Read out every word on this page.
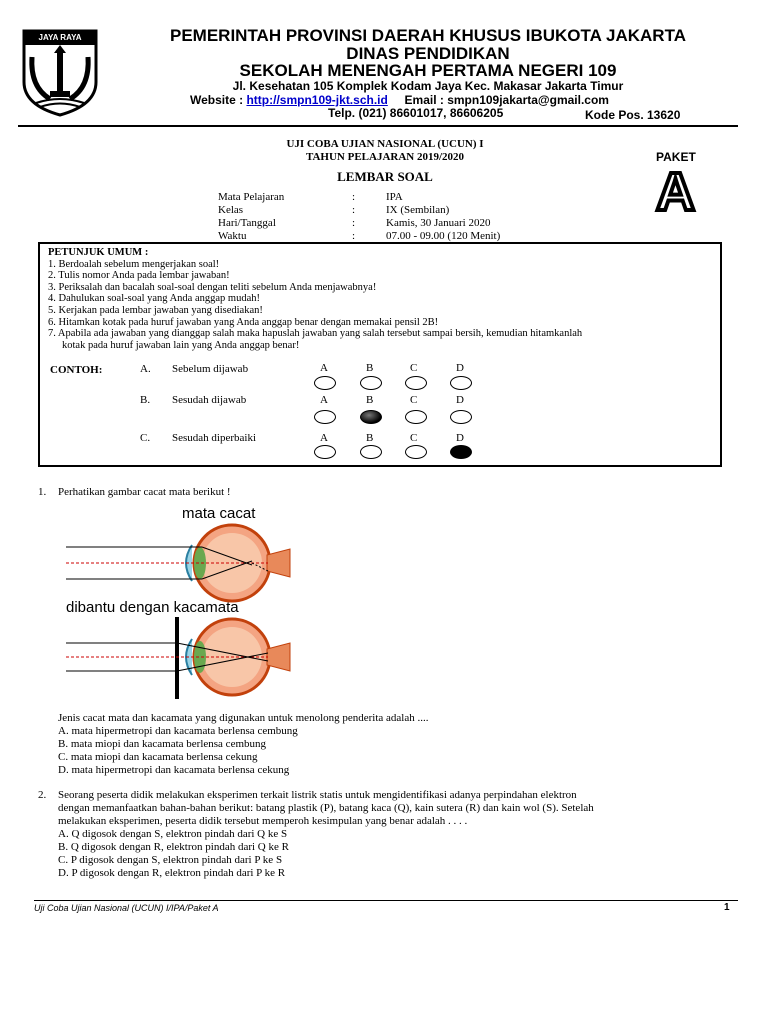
JAYA RAYA	PEMERINTAH PROVINSI DAERAH KHUSUS IBUKOTA JAKARTA
DINAS PENDIDIKAN
SEKOLAH MENENGAH PERTAMA NEGERI 109
Jl. Kesehatan 105 Komplek Kodam Jaya Kec. Makasar Jakarta Timur
Website : http://smpn109-jkt.sch.id Email : smpn109jakarta@gmail.com
Telp. (021) 86601017, 86606205	Kode Pos. 13620
UJI COBA UJIAN NASIONAL (UCUN) I
TAHUN PELAJARAN 2019/2020
LEMBAR SOAL
PAKET
A
Mata Pelajaran	:	IPA
Kelas	:	IX (Sembilan)
Hari/Tanggal	:	Kamis, 30 Januari 2020
Waktu	:	07.00 - 09.00 (120 Menit)
PETUNJUK UMUM :
1. Berdoalah sebelum mengerjakan soal!
2. Tulis nomor Anda pada lembar jawaban!
3. Periksalah dan bacalah soal-soal dengan teliti sebelum Anda menjawabnya!
4. Dahulukan soal-soal yang Anda anggap mudah!
5. Kerjakan pada lembar jawaban yang disediakan!
6. Hitamkan kotak pada huruf jawaban yang Anda anggap benar dengan memakai pensil 2B!
7. Apabila ada jawaban yang dianggap salah maka hapuslah jawaban yang salah tersebut sampai bersih, kemudian hitamkanlah
kotak pada huruf jawaban lain yang Anda anggap benar!
CONTOH:	A. Sebelum dijawab
B. Sesudah dijawab
C. Sesudah diperbaiki
A	B	C	D
A	B	C	D
A	B	C	D
1. Perhatikan gambar cacat mata berikut !
mata cacat
dibantu dengan kacamata
Jenis cacat mata dan kacamata yang digunakan untuk menolong penderita adalah ....
A. mata hipermetropi dan kacamata berlensa cembung
B. mata miopi dan kacamata berlensa cembung
C. mata miopi dan kacamata berlensa cekung
D. mata hipermetropi dan kacamata berlensa cekung
2. Seorang peserta didik melakukan eksperimen terkait listrik statis untuk mengidentifikasi adanya perpindahan elektron
dengan memanfaatkan bahan-bahan berikut: batang plastik (P), batang kaca (Q), kain sutera (R) dan kain wol (S). Setelah
melakukan eksperimen, peserta didik tersebut memperoh kesimpulan yang benar adalah . . . .
A. Q digosok dengan S, elektron pindah dari Q ke S
B. Q digosok dengan R, elektron pindah dari Q ke R
C. P digosok dengan S, elektron pindah dari P ke S
D. P digosok dengan R, elektron pindah dari P ke R
Uji Coba Ujian Nasional (UCUN) I/IPA/Paket A	1
